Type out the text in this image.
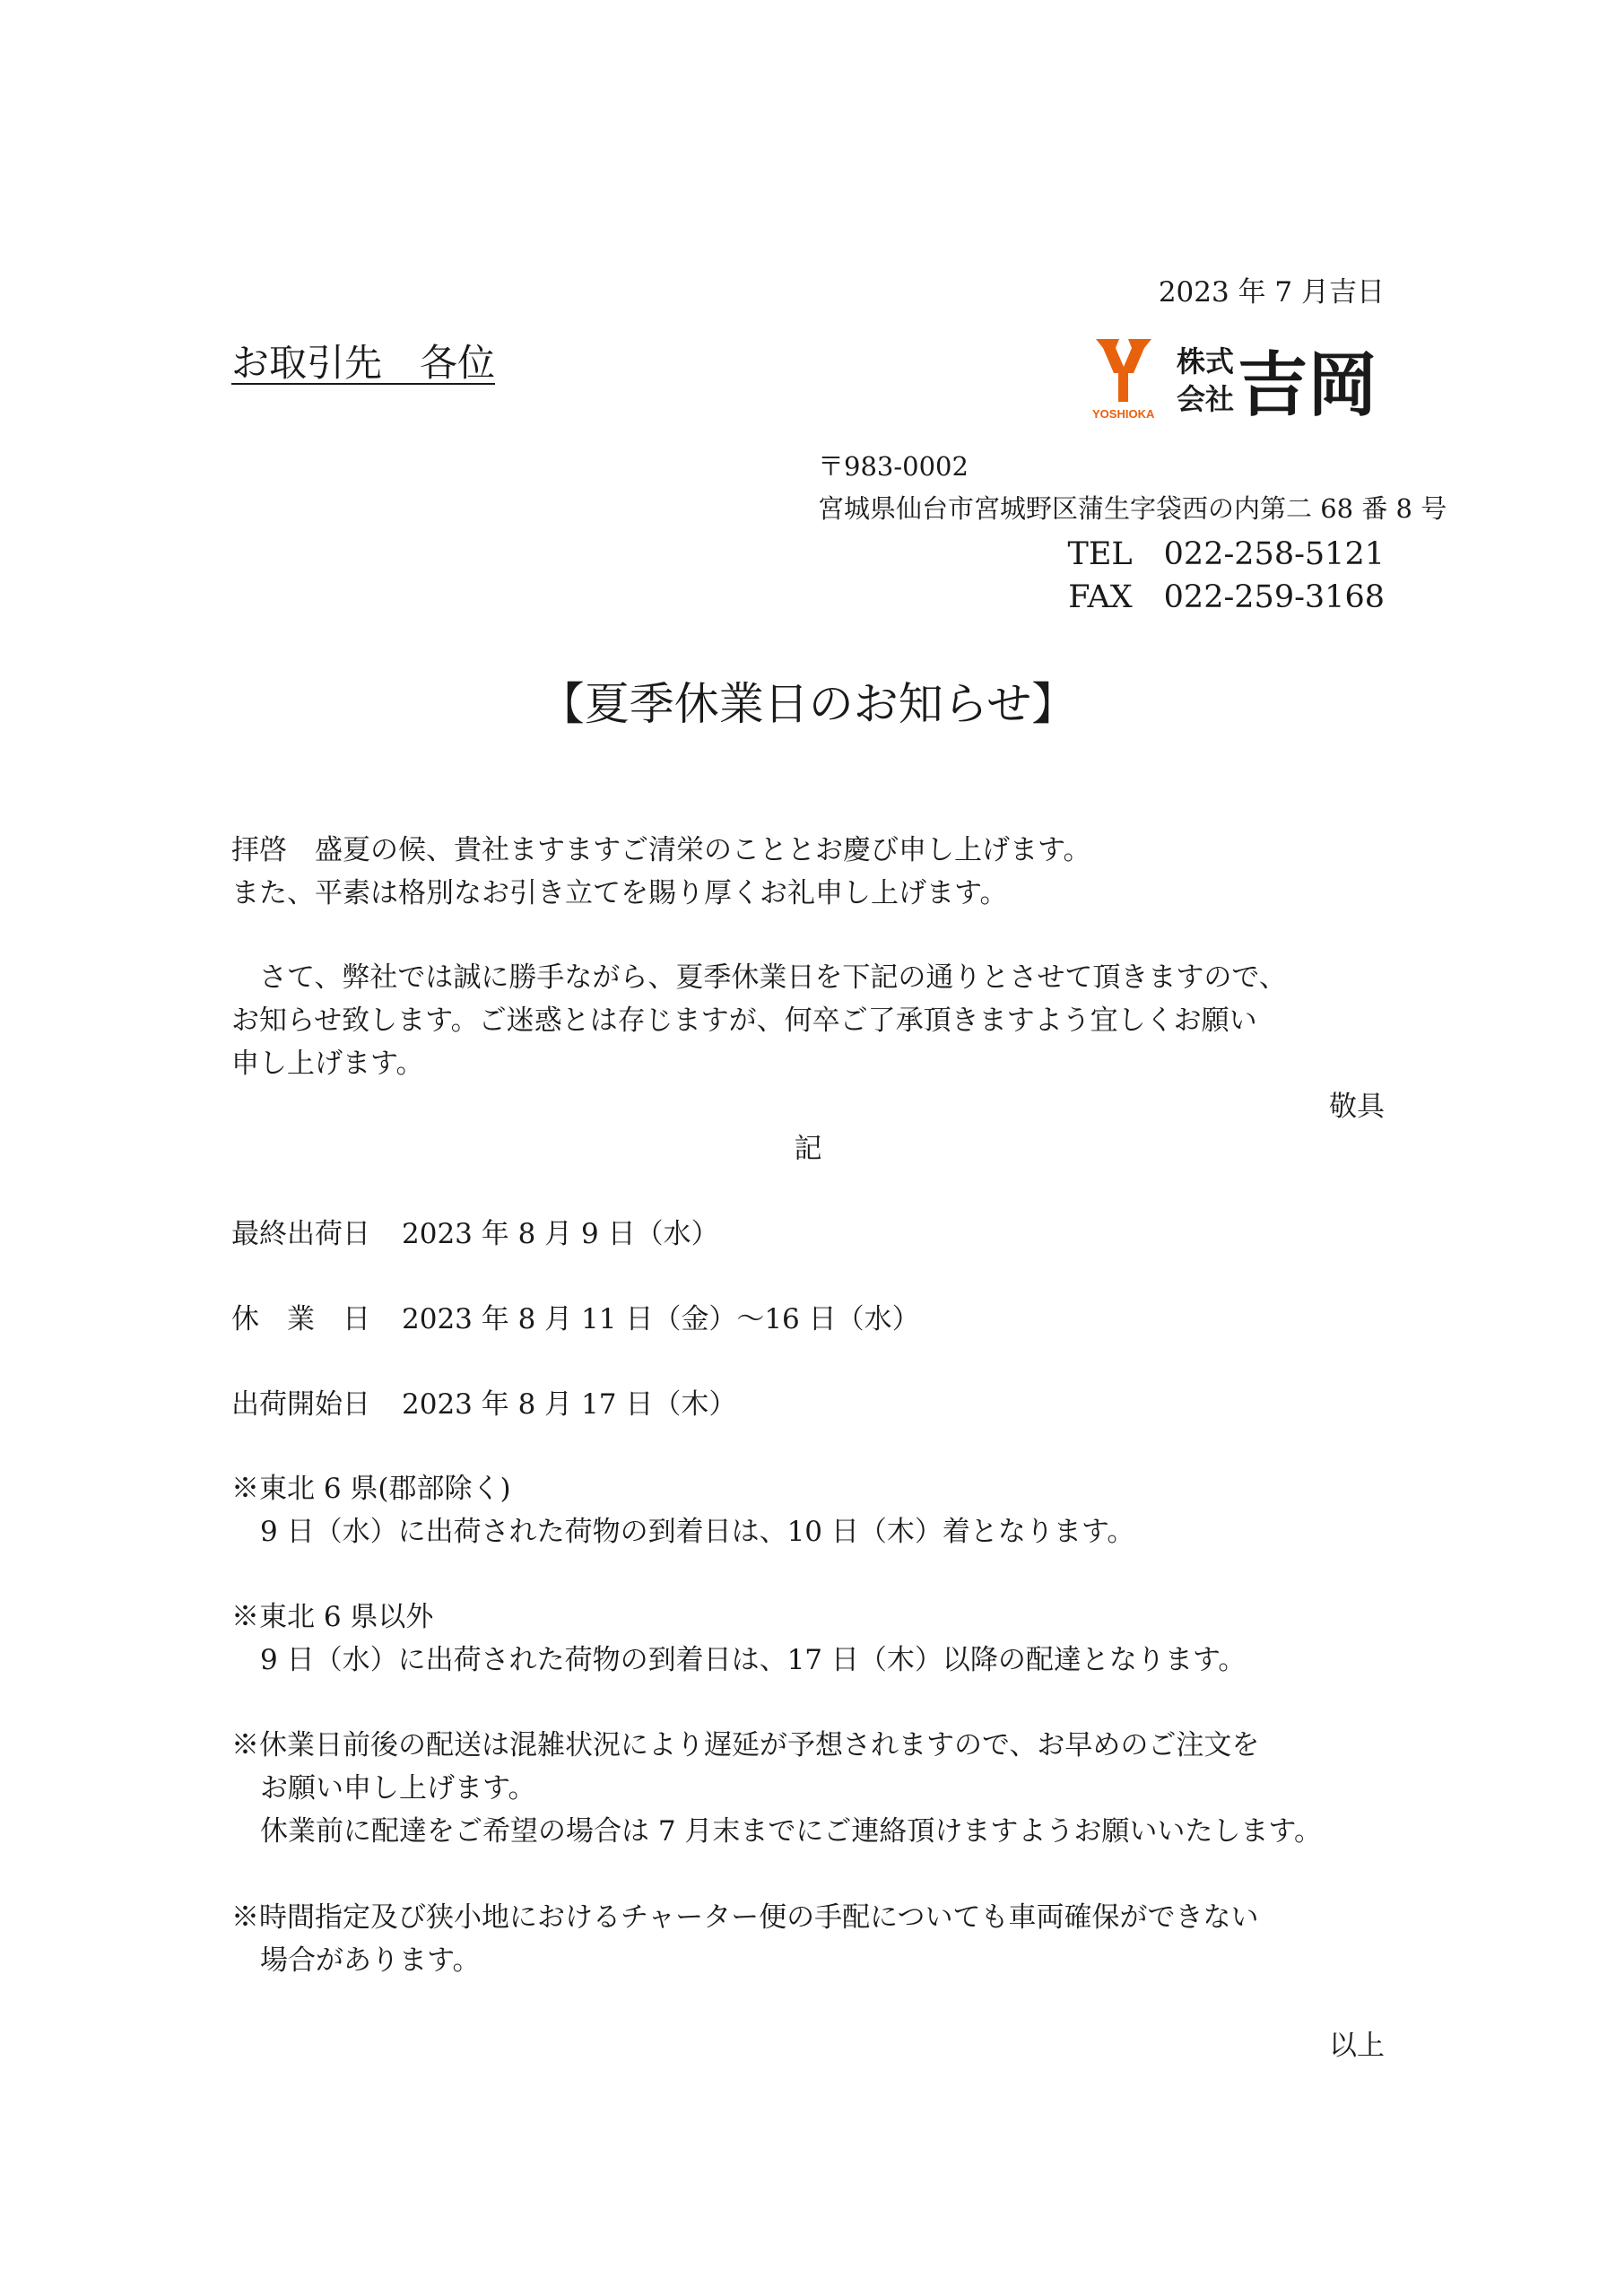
2023 年 7 月吉日
お取引先　各位
YOSHIOKA
株式
会社 吉岡
〒983-0002
宮城県仙台市宮城野区蒲生字袋西の内第二 68 番 8 号
TEL　022-258-5121
FAX　022-259-3168
【夏季休業日のお知らせ】
拝啓　盛夏の候、貴社ますますご清栄のこととお慶び申し上げます。
また、平素は格別なお引き立てを賜り厚くお礼申し上げます。
　さて、弊社では誠に勝手ながら、夏季休業日を下記の通りとさせて頂きますので、
お知らせ致します。ご迷惑とは存じますが、何卒ご了承頂きますよう宜しくお願い
申し上げます。
敬具
記
最終出荷日 2023 年 8 月 9 日（水）
休　業　日 2023 年 8 月 11 日（金）～16 日（水）
出荷開始日 2023 年 8 月 17 日（木）
※東北 6 県(郡部除く)
9 日（水）に出荷された荷物の到着日は、10 日（木）着となります。
※東北 6 県以外
9 日（水）に出荷された荷物の到着日は、17 日（木）以降の配達となります。
※休業日前後の配送は混雑状況により遅延が予想されますので、お早めのご注文を
お願い申し上げます。
休業前に配達をご希望の場合は 7 月末までにご連絡頂けますようお願いいたします。
※時間指定及び狭小地におけるチャーター便の手配についても車両確保ができない
場合があります。
以上
